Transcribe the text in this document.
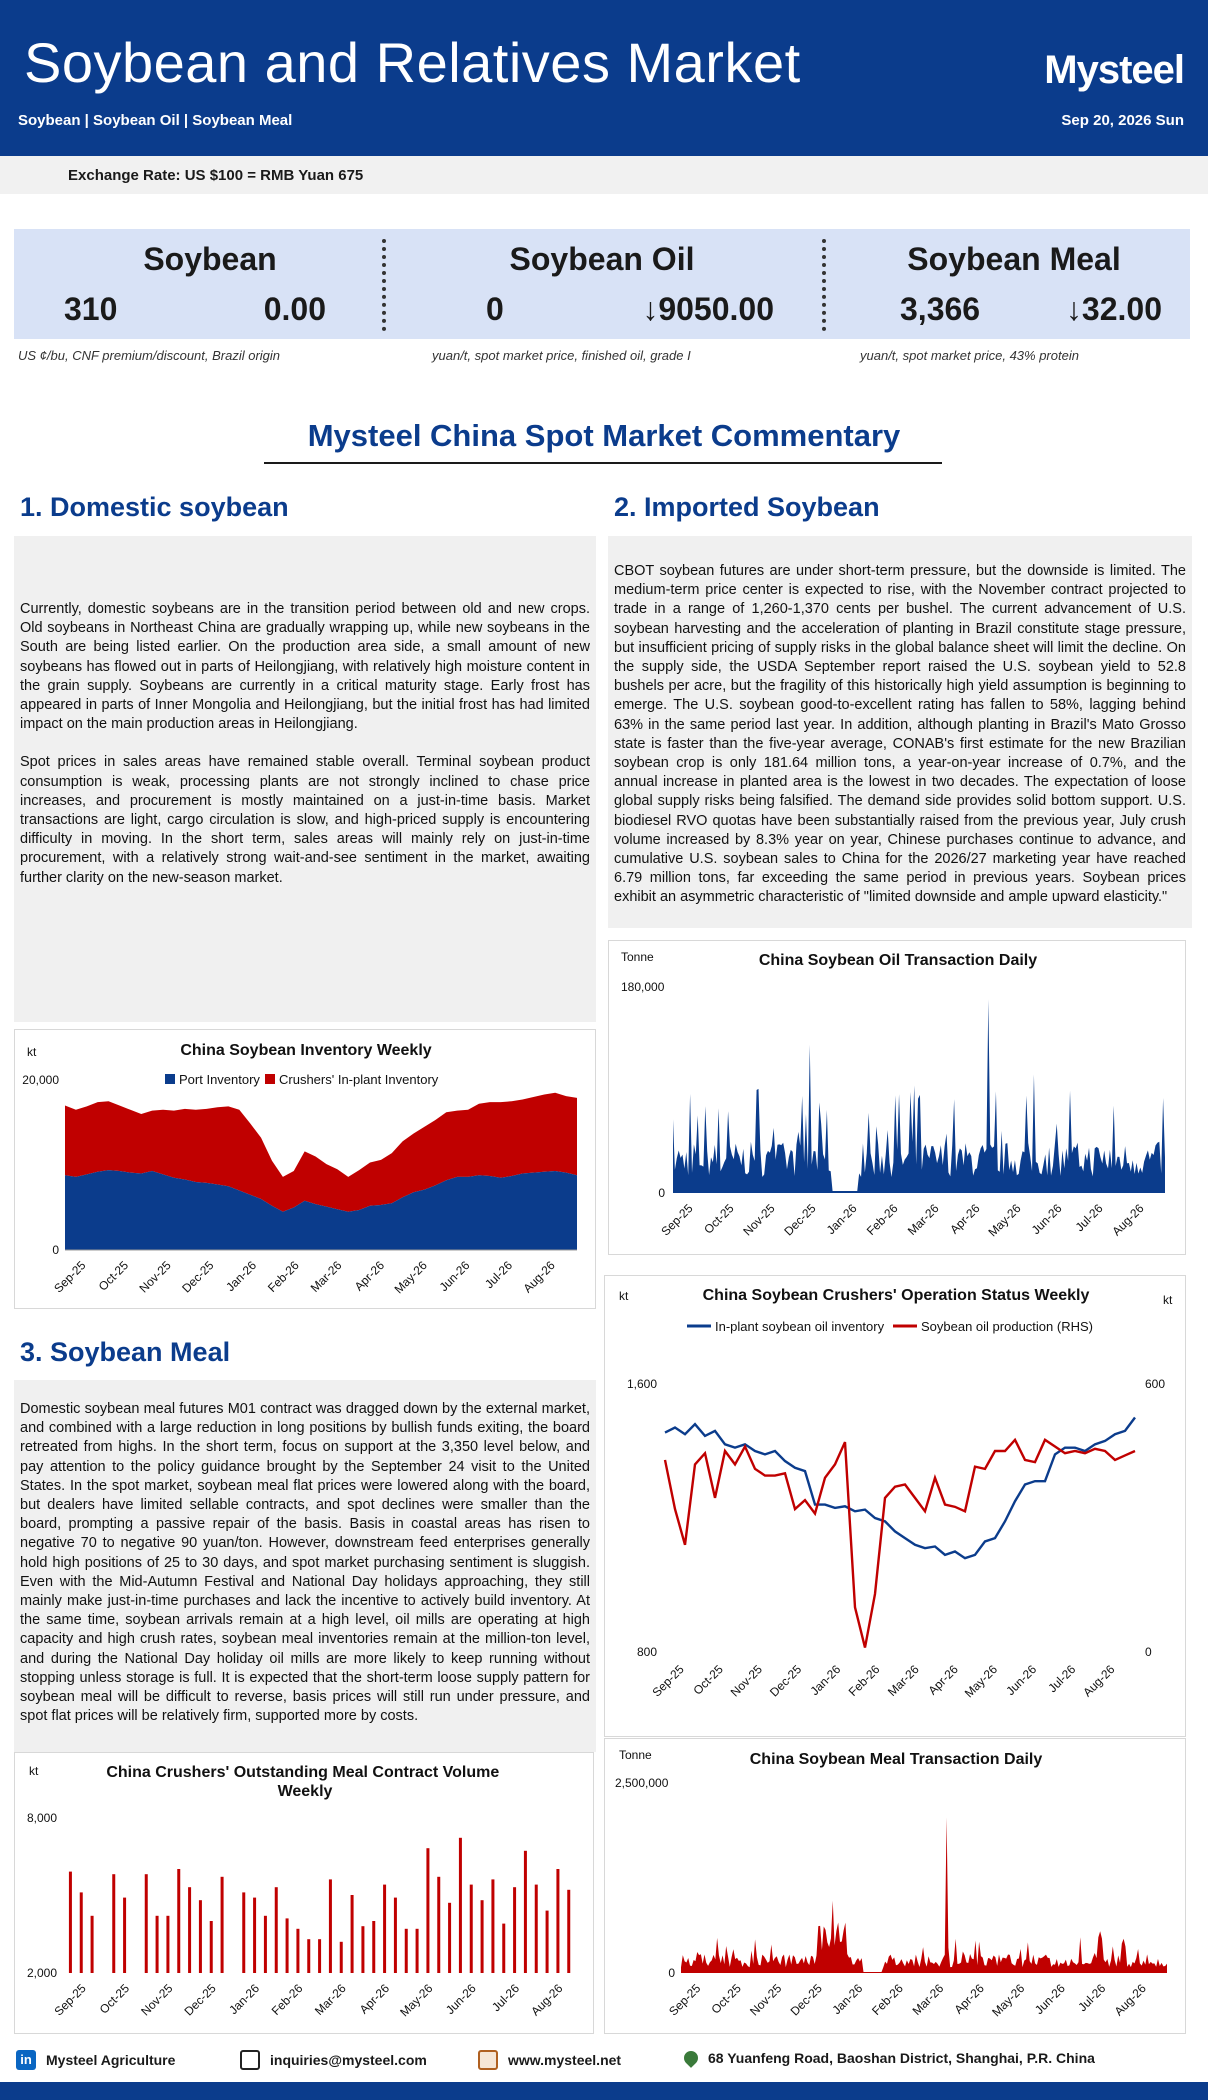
Soybean and Relatives Market	Mysteel
Soybean | Soybean Oil | Soybean Meal	Sep 20, 2026 Sun
Exchange Rate: US $100 = RMB Yuan 675
Soybean
310	0.00
Soybean Oil
0	↓9050.00
Soybean Meal
3,366	↓32.00
US ¢/bu, CNF premium/discount, Brazil origin	yuan/t, spot market price, finished oil, grade I	yuan/t, spot market price, 43% protein
Mysteel China Spot Market Commentary
1. Domestic soybean

Currently, domestic soybeans are in the transition period between old and new crops. Old soybeans in Northeast China are gradually wrapping up, while new soybeans in the South are being listed earlier. On the production area side, a small amount of new soybeans has flowed out in parts of Heilongjiang, with relatively high moisture content in the grain supply. Soybeans are currently in a critical maturity stage. Early frost has appeared in parts of Inner Mongolia and Heilongjiang, but the initial frost has had limited impact on the main production areas in Heilongjiang.

Spot prices in sales areas have remained stable overall. Terminal soybean product consumption is weak, processing plants are not strongly inclined to chase price increases, and procurement is mostly maintained on a just-in-time basis. Market transactions are light, cargo circulation is slow, and high-priced supply is encountering difficulty in moving. In the short term, sales areas will mainly rely on just-in-time procurement, with a relatively strong wait-and-see sentiment in the market, awaiting further clarity on the new-season market.

2. Imported Soybean

CBOT soybean futures are under short-term pressure, but the downside is limited. The medium-term price center is expected to rise, with the November contract projected to trade in a range of 1,260-1,370 cents per bushel. The current advancement of U.S. soybean harvesting and the acceleration of planting in Brazil constitute stage pressure, but insufficient pricing of supply risks in the global balance sheet will limit the decline. On the supply side, the USDA September report raised the U.S. soybean yield to 52.8 bushels per acre, but the fragility of this historically high yield assumption is beginning to emerge. The U.S. soybean good-to-excellent rating has fallen to 58%, lagging behind 63% in the same period last year. In addition, although planting in Brazil's Mato Grosso state is faster than the five-year average, CONAB's first estimate for the new Brazilian soybean crop is only 181.64 million tons, a year-on-year increase of 0.7%, and the annual increase in planted area is the lowest in two decades. The expectation of loose global supply risks being falsified. The demand side provides solid bottom support. U.S. biodiesel RVO quotas have been substantially raised from the previous year, July crush volume increased by 8.3% year on year, Chinese purchases continue to advance, and cumulative U.S. soybean sales to China for the 2026/27 marketing year have reached 6.79 million tons, far exceeding the same period in previous years. Soybean prices exhibit an asymmetric characteristic of "limited downside and ample upward elasticity."

3. Soybean Meal

Domestic soybean meal futures M01 contract was dragged down by the external market, and combined with a large reduction in long positions by bullish funds exiting, the board retreated from highs. In the short term, focus on support at the 3,350 level below, and pay attention to the policy guidance brought by the September 24 visit to the United States. In the spot market, soybean meal flat prices were lowered along with the board, but dealers have limited sellable contracts, and spot declines were smaller than the board, prompting a passive repair of the basis. Basis in coastal areas has risen to negative 70 to negative 90 yuan/ton. However, downstream feed enterprises generally hold high positions of 25 to 30 days, and spot market purchasing sentiment is sluggish. Even with the Mid-Autumn Festival and National Day holidays approaching, they still mainly make just-in-time purchases and lack the incentive to actively build inventory. At the same time, soybean arrivals remain at a high level, oil mills are operating at high capacity and high crush rates, soybean meal inventories remain at the million-ton level, and during the National Day holiday oil mills are more likely to keep running without stopping unless storage is full. It is expected that the short-term loose supply pattern for soybean meal will be difficult to reverse, basis prices will still run under pressure, and spot flat prices will be relatively firm, supported more by costs.

China Soybean Inventory Weekly
kt
Port Inventory Crushers' In-plant Inventory
20,000
0
Sep-25 Oct-25 Nov-25 Dec-25 Jan-26 Feb-26 Mar-26 Apr-26 May-26 Jun-26 Jul-26 Aug-26
China Soybean Oil Transaction Daily
Tonne
180,000
0
Sep-25 Oct-25 Nov-25 Dec-25 Jan-26 Feb-26 Mar-26 Apr-26 May-26 Jun-26 Jul-26 Aug-26
China Soybean Crushers' Operation Status Weekly
kt	kt
In-plant soybean oil inventory	Soybean oil production (RHS)
1,600
800
600
0
Sep-25 Oct-25 Nov-25 Dec-25 Jan-26 Feb-26 Mar-26 Apr-26 May-26 Jun-26 Jul-26 Aug-26
China Crushers' Outstanding Meal Contract Volume Weekly
kt
8,000
2,000
Sep-25 Oct-25 Nov-25 Dec-25 Jan-26 Feb-26 Mar-26 Apr-26 May-26 Jun-26 Jul-26 Aug-26
China Soybean Meal Transaction Daily
Tonne
2,500,000
0
Sep-25 Oct-25 Nov-25 Dec-25 Jan-26 Feb-26 Mar-26 Apr-26 May-26 Jun-26 Jul-26 Aug-26
in	Mysteel Agriculture	inquiries@mysteel.com	www.mysteel.net	68 Yuanfeng Road, Baoshan District, Shanghai, P.R. China
